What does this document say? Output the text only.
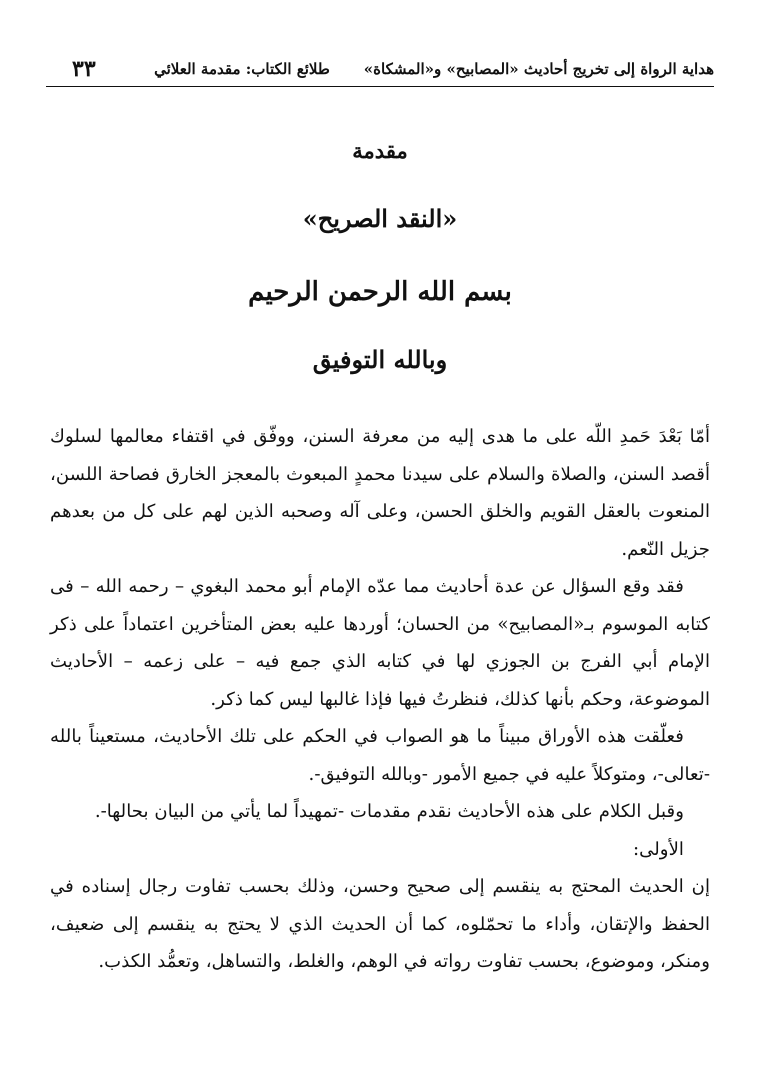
هداية الرواة إلى تخريج أحاديث «المصابيح» و«المشكاة»
طلائع الكتاب: مقدمة العلائي
٣٣
مقدمة
«النقد الصريح»
بسم الله الرحمن الرحيم
وبالله التوفيق

أمّا بَعْدَ حَمدِ اللّه على ما هدى إليه من معرفة السنن، ووفّق في اقتفاء معالمها لسلوك أقصد السنن، والصلاة والسلام على سيدنا محمدٍ المبعوث بالمعجز الخارق فصاحة اللسن، المنعوت بالعقل القويم والخلق الحسن، وعلى آله وصحبه الذين لهم على كل من بعدهم جزيل النّعم.

فقد وقع السؤال عن عدة أحاديث مما عدّه الإمام أبو محمد البغوي – رحمه الله – فى كتابه الموسوم بـ«المصابيح» من الحسان؛ أوردها عليه بعض المتأخرين اعتماداً على ذكر الإمام أبي الفرج بن الجوزي لها في كتابه الذي جمع فيه – على زعمه – الأحاديث الموضوعة، وحكم بأنها كذلك، فنظرتُ فيها فإذا غالبها ليس كما ذكر.

فعلّقت هذه الأوراق مبيناً ما هو الصواب في الحكم على تلك الأحاديث، مستعيناً بالله -تعالى-، ومتوكلاً عليه في جميع الأمور -وبالله التوفيق-.

وقبل الكلام على هذه الأحاديث نقدم مقدمات -تمهيداً لما يأتي من البيان بحالها-.

الأولى:

إن الحديث المحتج به ينقسم إلى صحيح وحسن، وذلك بحسب تفاوت رجال إسناده في الحفظ والإتقان، وأداء ما تحمّلوه، كما أن الحديث الذي لا يحتج به ينقسم إلى ضعيف، ومنكر، وموضوع، بحسب تفاوت رواته في الوهم، والغلط، والتساهل، وتعمُّد الكذب.
